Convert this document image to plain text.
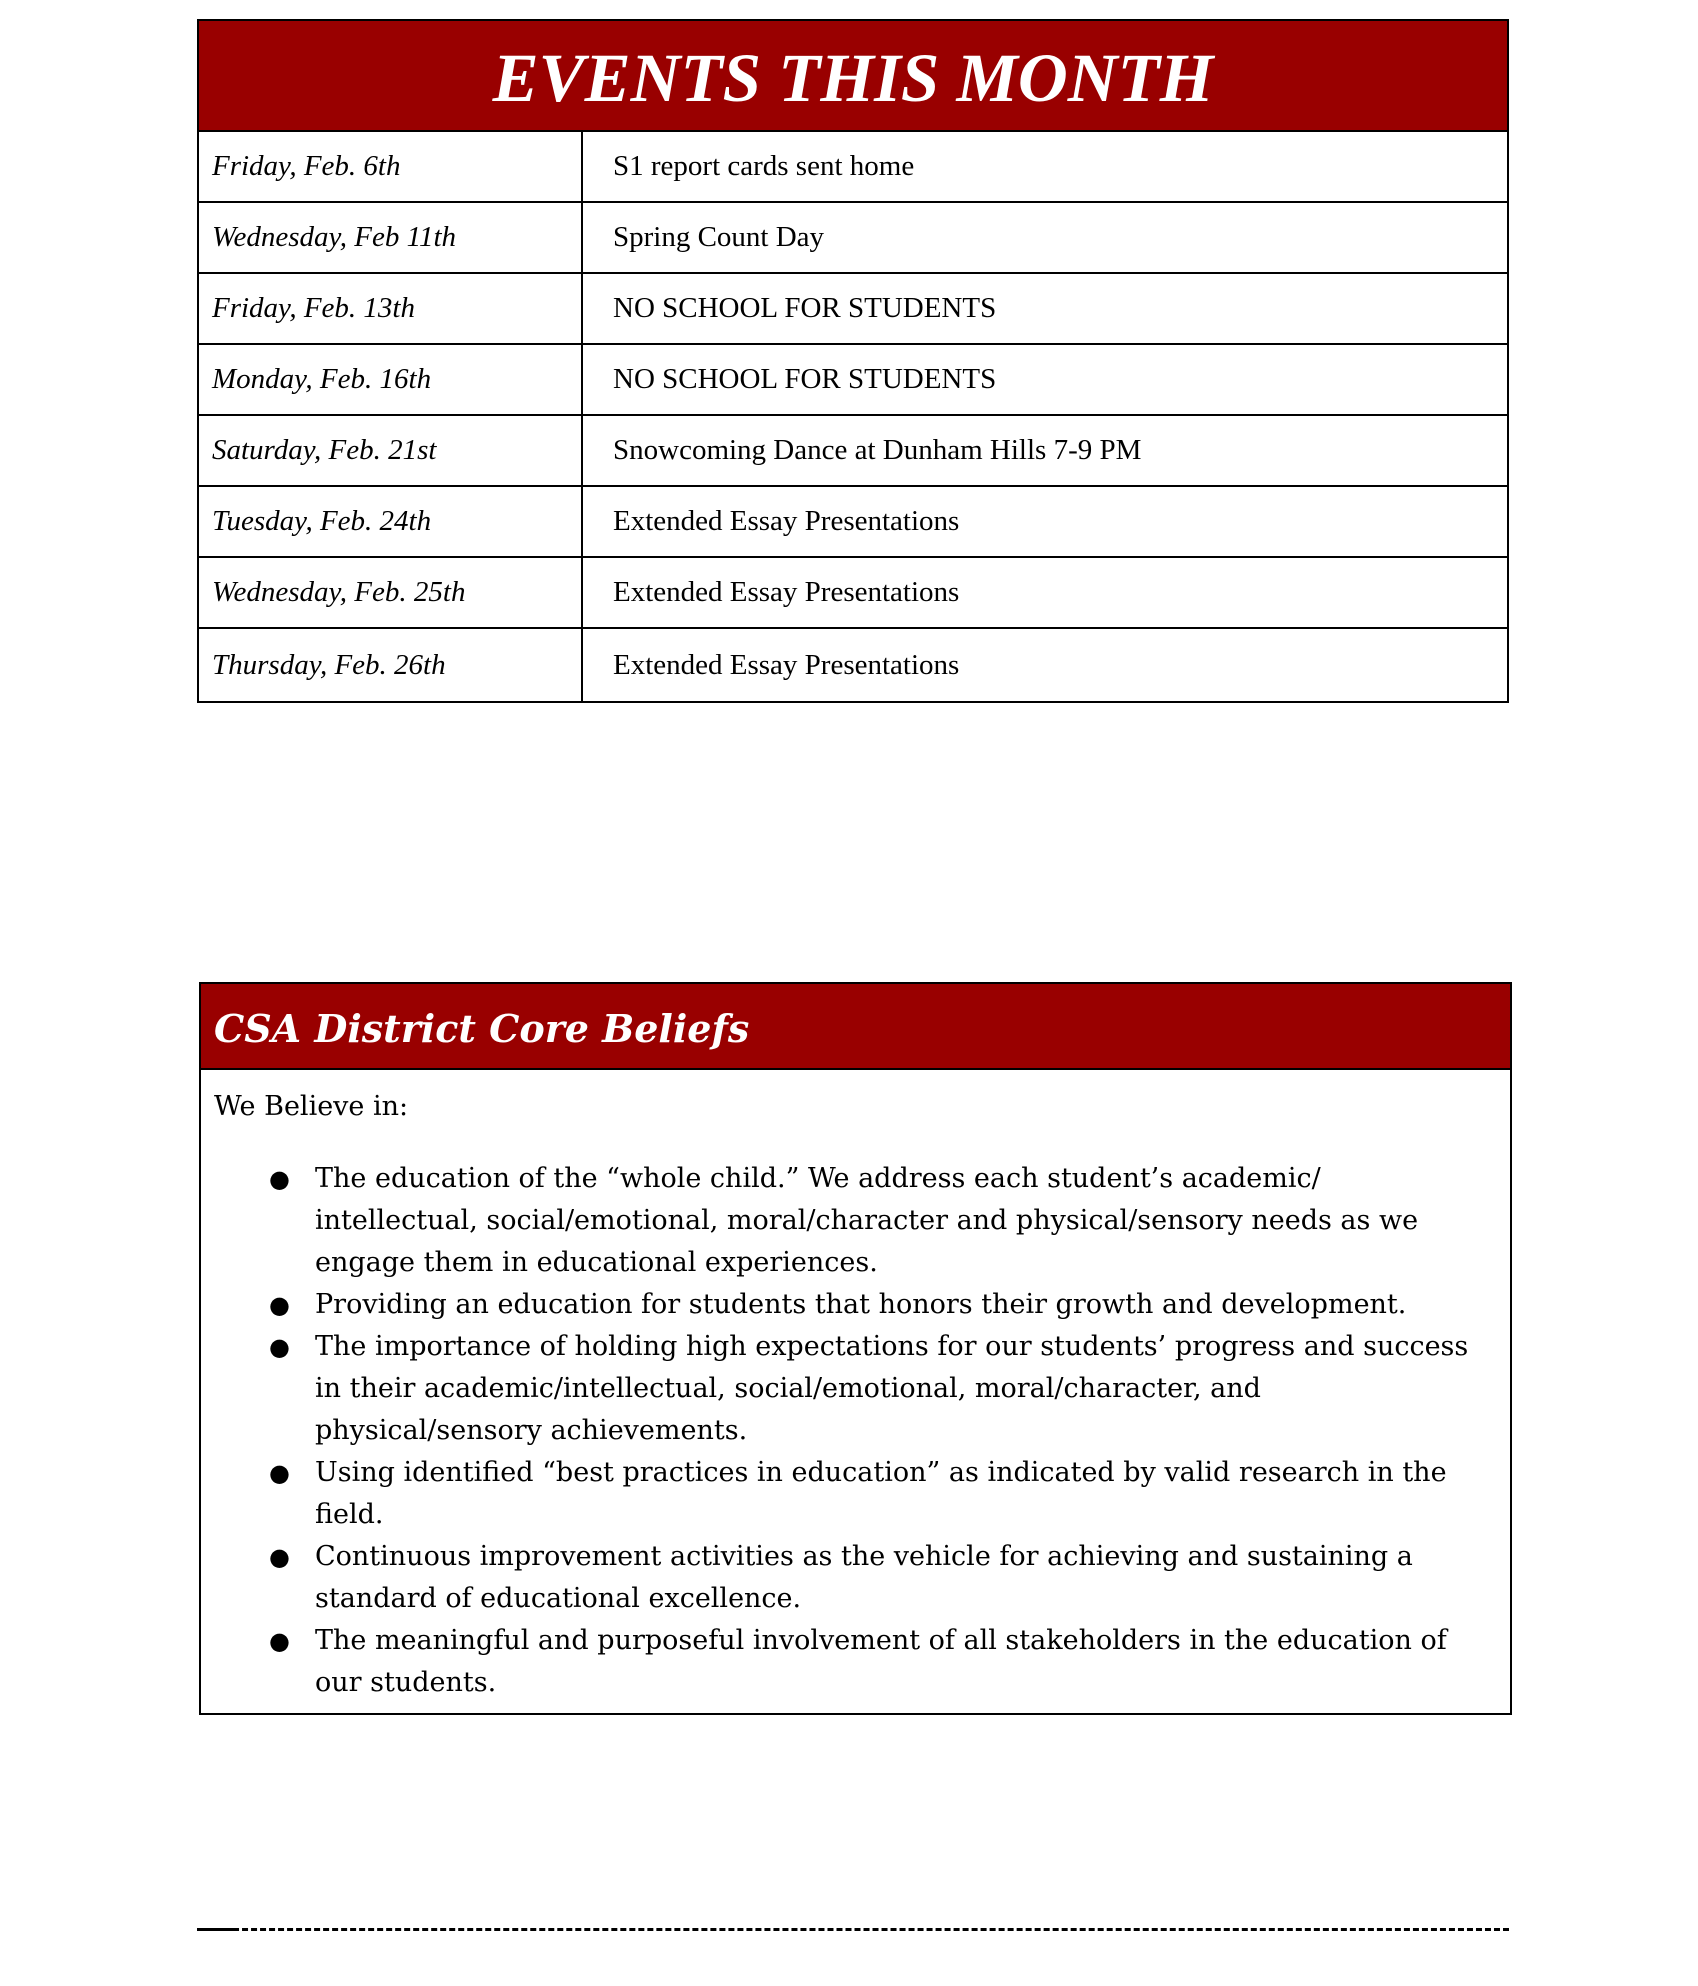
EVENTS THIS MONTH
Friday, Feb. 6th	S1 report cards sent home
Wednesday, Feb 11th	Spring Count Day
Friday, Feb. 13th	NO SCHOOL FOR STUDENTS
Monday, Feb. 16th	NO SCHOOL FOR STUDENTS
Saturday, Feb. 21st	Snowcoming Dance at Dunham Hills 7-9 PM
Tuesday, Feb. 24th	Extended Essay Presentations
Wednesday, Feb. 25th	Extended Essay Presentations
Thursday, Feb. 26th	Extended Essay Presentations
CSA District Core Beliefs

We Believe in:

● The education of the “whole child.” We address each student’s academic/ intellectual, social/emotional, moral/character and physical/sensory needs as we engage them in educational experiences.
● Providing an education for students that honors their growth and development.
● The importance of holding high expectations for our students’ progress and success in their academic/intellectual, social/emotional, moral/character, and physical/sensory achievements.
● Using identified “best practices in education” as indicated by valid research in the field.
● Continuous improvement activities as the vehicle for achieving and sustaining a standard of educational excellence.
● The meaningful and purposeful involvement of all stakeholders in the education of our students.
